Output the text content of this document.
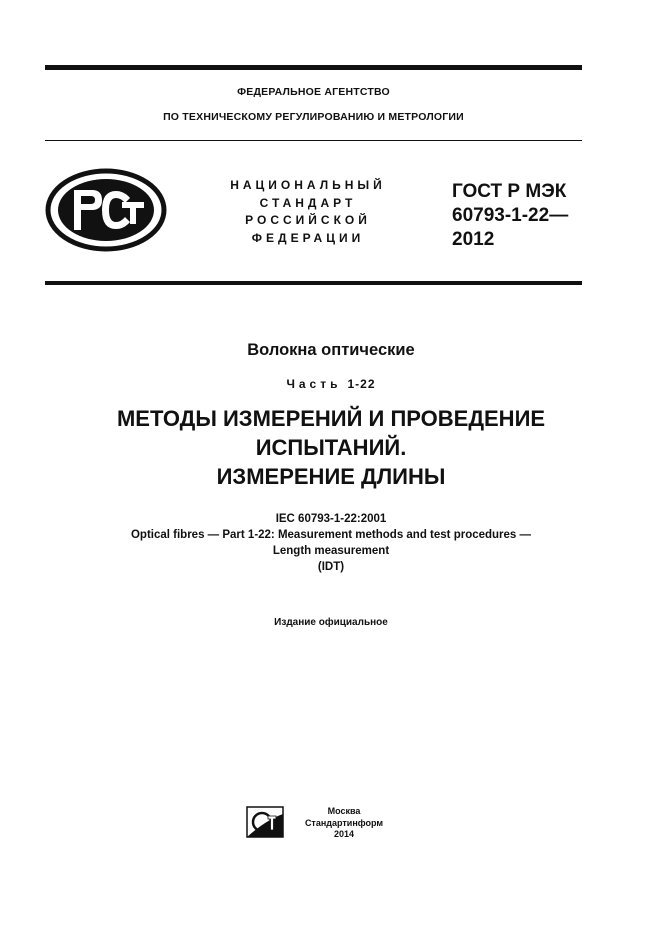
ФЕДЕРАЛЬНОЕ АГЕНТСТВО
ПО ТЕХНИЧЕСКОМУ РЕГУЛИРОВАНИЮ И МЕТРОЛОГИИ
НАЦИОНАЛЬНЫЙ
СТАНДАРТ
РОССИЙСКОЙ
ФЕДЕРАЦИИ
ГОСТ Р МЭК
60793-1-22—
2012
Волокна оптические
Часть 1-22
МЕТОДЫ ИЗМЕРЕНИЙ И ПРОВЕДЕНИЕ
ИСПЫТАНИЙ.
ИЗМЕРЕНИЕ ДЛИНЫ
IEC 60793-1-22:2001
Optical fibres — Part 1-22: Measurement methods and test procedures —
Length measurement
(IDT)
Издание официальное
Москва
Стандартинформ
2014
